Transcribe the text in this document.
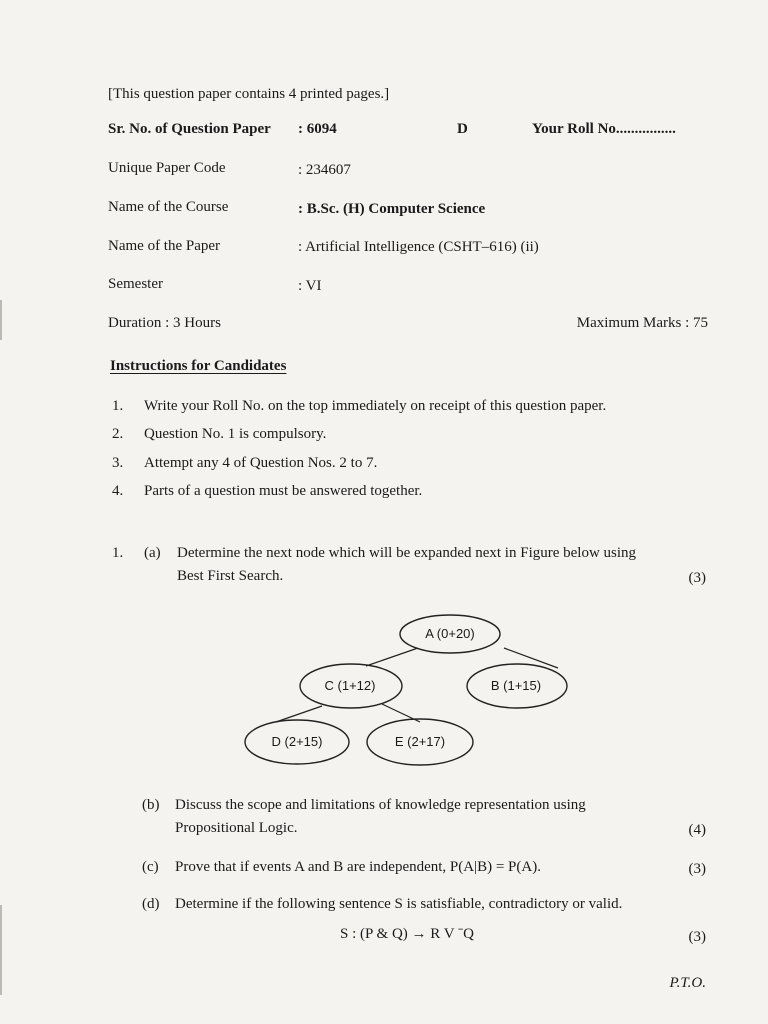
[This question paper contains 4 printed pages.]
Sr. No. of Question Paper : 6094	D	Your Roll No................
Unique Paper Code	: 234607
Name of the Course	: B.Sc. (H) Computer Science
Name of the Paper	: Artificial Intelligence (CSHT–616) (ii)
Semester	: VI
Duration : 3 Hours	Maximum Marks : 75
Instructions for Candidates
1. Write your Roll No. on the top immediately on receipt of this question paper.
2. Question No. 1 is compulsory.
3. Attempt any 4 of Question Nos. 2 to 7.
4. Parts of a question must be answered together.
1. (a) Determine the next node which will be expanded next in Figure below using
Best First Search.	(3)
A (0+20)
C (1+12)	B (1+15)
D (2+15)	E (2+17)
(b) Discuss the scope and limitations of knowledge representation using
Propositional Logic.	(4)
(c) Prove that if events A and B are independent, P(A|B) = P(A).	(3)
(d) Determine if the following sentence S is satisfiable, contradictory or valid.
S : (P & Q) → R V ˉQ	(3)
P.T.O.
